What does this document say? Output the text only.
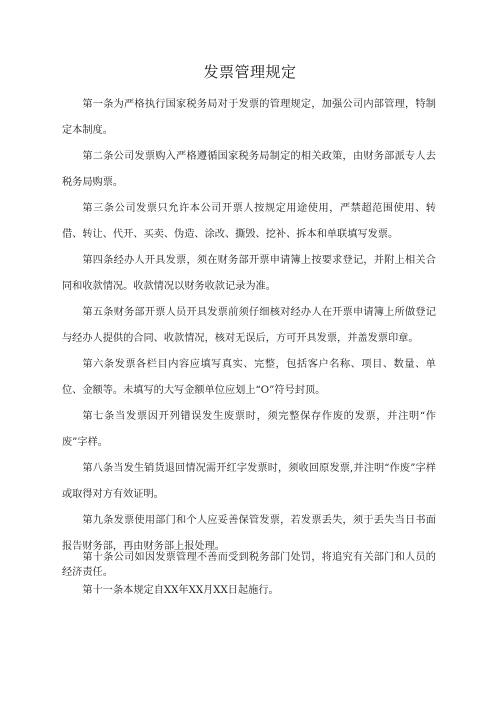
发票管理规定

第一条为严格执行国家税务局对于发票的管理规定，加强公司内部管理，特制定本制度。

第二条公司发票购入严格遵循国家税务局制定的相关政策，由财务部派专人去税务局购票。

第三条公司发票只允许本公司开票人按规定用途使用，严禁超范围使用、转借、转让、代开、买卖、伪造、涂改、撕毁、挖补、拆本和单联填写发票。

第四条经办人开具发票，须在财务部开票申请簿上按要求登记，并附上相关合同和收款情况。收款情况以财务收款记录为准。

第五条财务部开票人员开具发票前须仔细核对经办人在开票申请簿上所做登记与经办人提供的合同、收款情况，核对无误后，方可开具发票，并盖发票印章。

第六条发票各栏目内容应填写真实、完整，包括客户名称、项目、数量、单位、金额等。未填写的大写金额单位应划上“O”符号封顶。

第七条当发票因开列错误发生废票时，须完整保存作废的发票，并注明“作废”字样。

第八条当发生销货退回情况需开红字发票时，须收回原发票,并注明“作废”字样或取得对方有效证明。

第九条发票使用部门和个人应妥善保管发票，若发票丢失，须于丢失当日书面报告财务部，再由财务部上报处理。

第十条公司如因发票管理不善而受到税务部门处罚，将追究有关部门和人员的经济责任。

第十一条本规定自XX年XX月XX日起施行。
